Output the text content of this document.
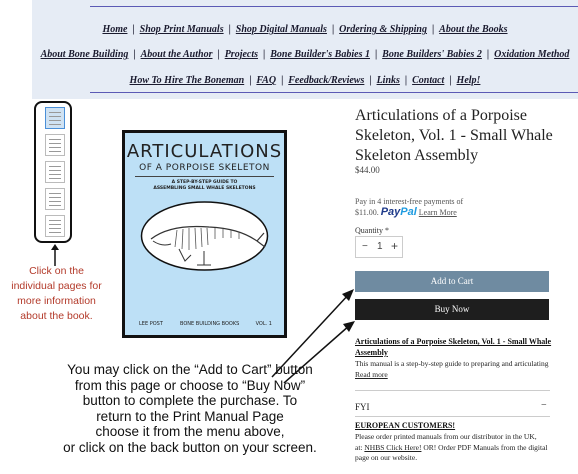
Home | Shop Print Manuals | Shop Digital Manuals | Ordering & Shipping | About the Books
About Bone Building | About the Author | Projects | Bone Builder's Babies 1 | Bone Builders' Babies 2 | Oxidation Method
How To Hire The Boneman | FAQ | Feedback/Reviews | Links | Contact | Help!
Click on the
individual pages for
more information
about the book.
ARTICULATIONS
OF A PORPOISE SKELETON
A STEP-BY-STEP GUIDE TO
ASSEMBLING SMALL WHALE SKELETONS
LEE POST	BONE BUILDING BOOKS	VOL. 1
You may click on the “Add to Cart” button
from this page or choose to “Buy Now”
button to complete the purchase. To
return to the Print Manual Page
choose it from the menu above,
or click on the back button on your screen.
Articulations of a Porpoise Skeleton, Vol. 1 - Small Whale Skeleton Assembly
$44.00
Pay in 4 interest-free payments of
$11.00. PayPal Learn More
Quantity *
− 1 +
Add to Cart
Buy Now
Articulations of a Porpoise Skeleton, Vol. 1 - Small Whale Assembly
This manual is a step-by-step guide to preparing and articulating
Read more
FYI	−
EUROPEAN CUSTOMERS!
Please order printed manuals from our distributor in the UK,
at: NHBS Click Here! OR! Order PDF Manuals from the digital
page on our website.
